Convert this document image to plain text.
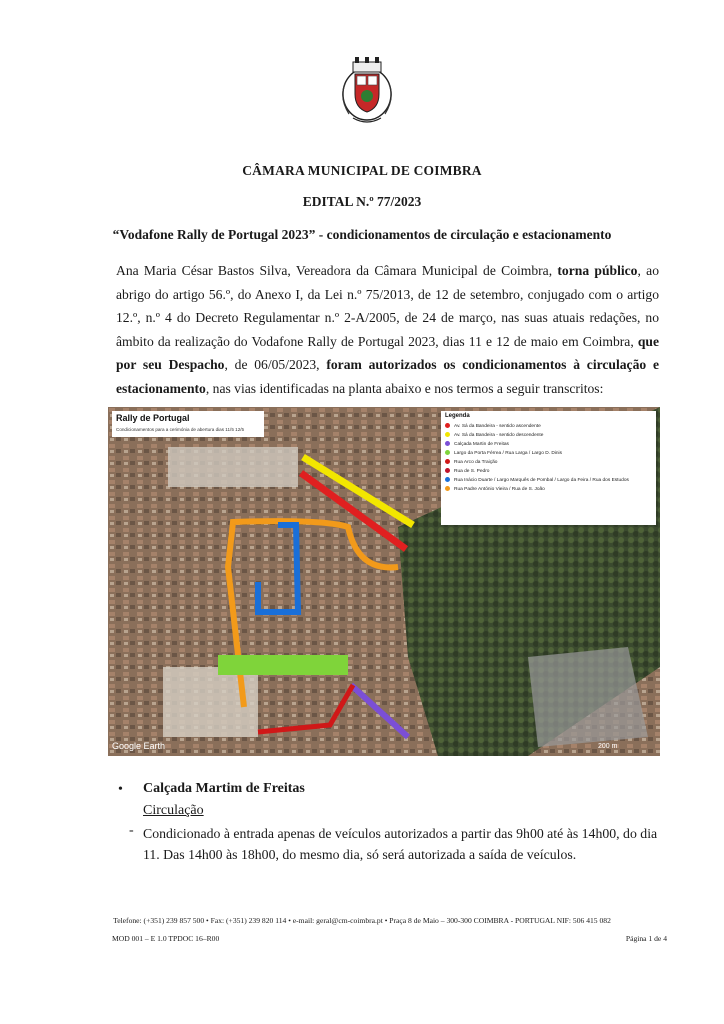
CÂMARA MUNICIPAL DE COIMBRA
EDITAL N.º 77/2023
“Vodafone Rally de Portugal 2023” - condicionamentos de circulação e estacionamento
Ana Maria César Bastos Silva, Vereadora da Câmara Municipal de Coimbra, torna público, ao abrigo do artigo 56.º, do Anexo I, da Lei n.º 75/2013, de 12 de setembro, conjugado com o artigo 12.º, n.º 4 do Decreto Regulamentar n.º 2-A/2005, de 24 de março, nas suas atuais redações, no âmbito da realização do Vodafone Rally de Portugal 2023, dias 11 e 12 de maio em Coimbra, que por seu Despacho, de 06/05/2023, foram autorizados os condicionamentos à circulação e estacionamento, nas vias identificadas na planta abaixo e nos termos a seguir transcritos:
Rally de Portugal
Condicionamentos para a cerimónia de abertura dias 11/5 12/5
Legenda
Av. Sá da Bandeira - sentido ascendente
Av. Sá da Bandeira - sentido descendente
Calçada Martin de Freitas
Largo da Porta Férrea / Rua Larga / Largo D. Dinis
Rua Arco da Traição
Rua de S. Pedro
Rua Inácio Duarte / Largo Marquês de Pombal / Largo da Feira / Rua dos Estudos
Rua Padre António Vieira / Rua de S. João
Google Earth	200 m
• Calçada Martim de Freitas
Circulação
- Condicionado à entrada apenas de veículos autorizados a partir das 9h00 até às 14h00, do dia 11. Das 14h00 às 18h00, do mesmo dia, só será autorizada a saída de veículos.
Telefone: (+351) 239 857 500 • Fax: (+351) 239 820 114 • e-mail: geral@cm-coimbra.pt • Praça 8 de Maio – 300-300 COIMBRA - PORTUGAL NIF: 506 415 082
MOD 001 – E 1.0 TPDOC 16–R00	Página 1 de 4
